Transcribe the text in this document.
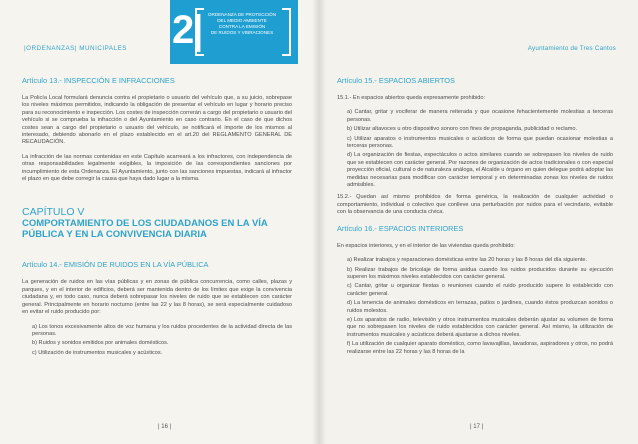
|ORDENANZAS| MUNICIPALES 2|	ORDENANZA DE PROTECCIÓN
DEL MEDIO AMBIENTE
CONTRA LA EMISIÓN
DE RUIDOS Y VIBRACIONES
Artículo 13.- INSPECCIÓN E INFRACCIONES

La Policía Local formulará denuncia contra el propietario o usuario del vehículo que, a su juicio, sobrepase los niveles máximos permitidos, indicando la obligación de presentar el vehículo en lugar y horario preciso para su reconocimiento e inspección. Los costes de inspección correrán a cargo del propietario o usuario del vehículo si se comprueba la infracción o del Ayuntamiento en caso contrario. En el caso de que dichos costes sean a cargo del propietario o usuario del vehículo, se notificará el importe de los mismos al interesado, debiendo abonarlo en el plazo establecido en el art.20 del REGLAMENTO GENERAL DE RECAUDACIÓN.

La infracción de las normas contenidas en este Capítulo acarreará a los infractores, con independencia de otras responsabilidades legalmente exigibles, la imposición de las correspondientes sanciones por incumplimiento de esta Ordenanza. El Ayuntamiento, junto con las sanciones impuestas, indicará al infractor el plazo en que debe corregir la causa que haya dado lugar a la misma.

CAPÍTULO V
COMPORTAMIENTO DE LOS CIUDADANOS EN LA VÍA PÚBLICA Y EN LA CONVIVENCIA DIARIA
Artículo 14.- EMISIÓN DE RUIDOS EN LA VÍA PÚBLICA

La generación de ruidos en las vías públicas y en zonas de pública concurrencia, como calles, plazas y parques, y en el interior de edificios, deberá ser mantenida dentro de los límites que exige la convivencia ciudadana y, en todo caso, nunca deberá sobrepasar los niveles de ruido que se establecen con carácter general. Principalmente en horario nocturno (entre las 22 y las 8 horas), se será especialmente cuidadoso en evitar el ruido producido por:

a) Los tonos excesivamente altos de voz humana y los ruidos procedentes de la actividad directa de las personas.
b) Ruidos y sonidos emitidos por animales domésticos.
c) Utilización de instrumentos musicales y acústicos.
| 16 |
Ayuntamiento de Tres Cantos
Artículo 15.- ESPACIOS ABIERTOS

15.1.- En espacios abiertos queda expresamente prohibido:

a) Cantar, gritar y vociferar de manera reiterada y que ocasione fehacientemente molestias a terceras personas.
b) Utilizar altavoces u otro dispositivo sonoro con fines de propaganda, publicidad o reclamo.
c) Utilizar aparatos o instrumentos musicales o acústicos de forma que puedan ocasionar molestias a terceras personas.
d) La organización de fiestas, espectáculos o actos similares cuando se sobrepasen los niveles de ruido que se establecen con carácter general. Por razones de organización de actos tradicionales o con especial proyección oficial, cultural o de naturaleza análoga, el Alcalde u órgano en quien delegue podrá adoptar las medidas necesarias para modificar con carácter temporal y en determinadas zonas los niveles de ruidos admisibles.

15.2.- Quedan así mismo prohibidos de forma genérica, la realización de cualquier actividad o comportamiento, individual o colectivo que conlleve una perturbación por ruidos para el vecindario, evitable con la observancia de una conducta cívica.

Artículo 16.- ESPACIOS INTERIORES

En espacios interiores, y en el interior de las viviendas queda prohibido:

a) Realizar trabajos y reparaciones domésticas entre las 20 horas y las 8 horas del día siguiente.
b) Realizar trabajos de bricolaje de forma asidua cuando los ruidos producidos durante su ejecución superen los máximos niveles establecidos con carácter general.
c) Cantar, gritar u organizar fiestas o reuniones cuando el ruido producido supere lo establecido con carácter general.
d) La tenencia de animales domésticos en terrazas, patios o jardines, cuando éstos produzcan sonidos o ruidos molestos.
e) Los aparatos de radio, televisión y otros instrumentos musicales deberán ajustar su volumen de forma que no sobrepasen los niveles de ruido establecidos con carácter general. Así mismo, la utilización de instrumentos musicales y acústicos deberá ajustarse a dichos niveles.
f) La utilización de cualquier aparato doméstico, como lavavajillas, lavadoras, aspiradores y otros, no podrá realizarse entre las 22 horas y las 8 horas de la
| 17 |
